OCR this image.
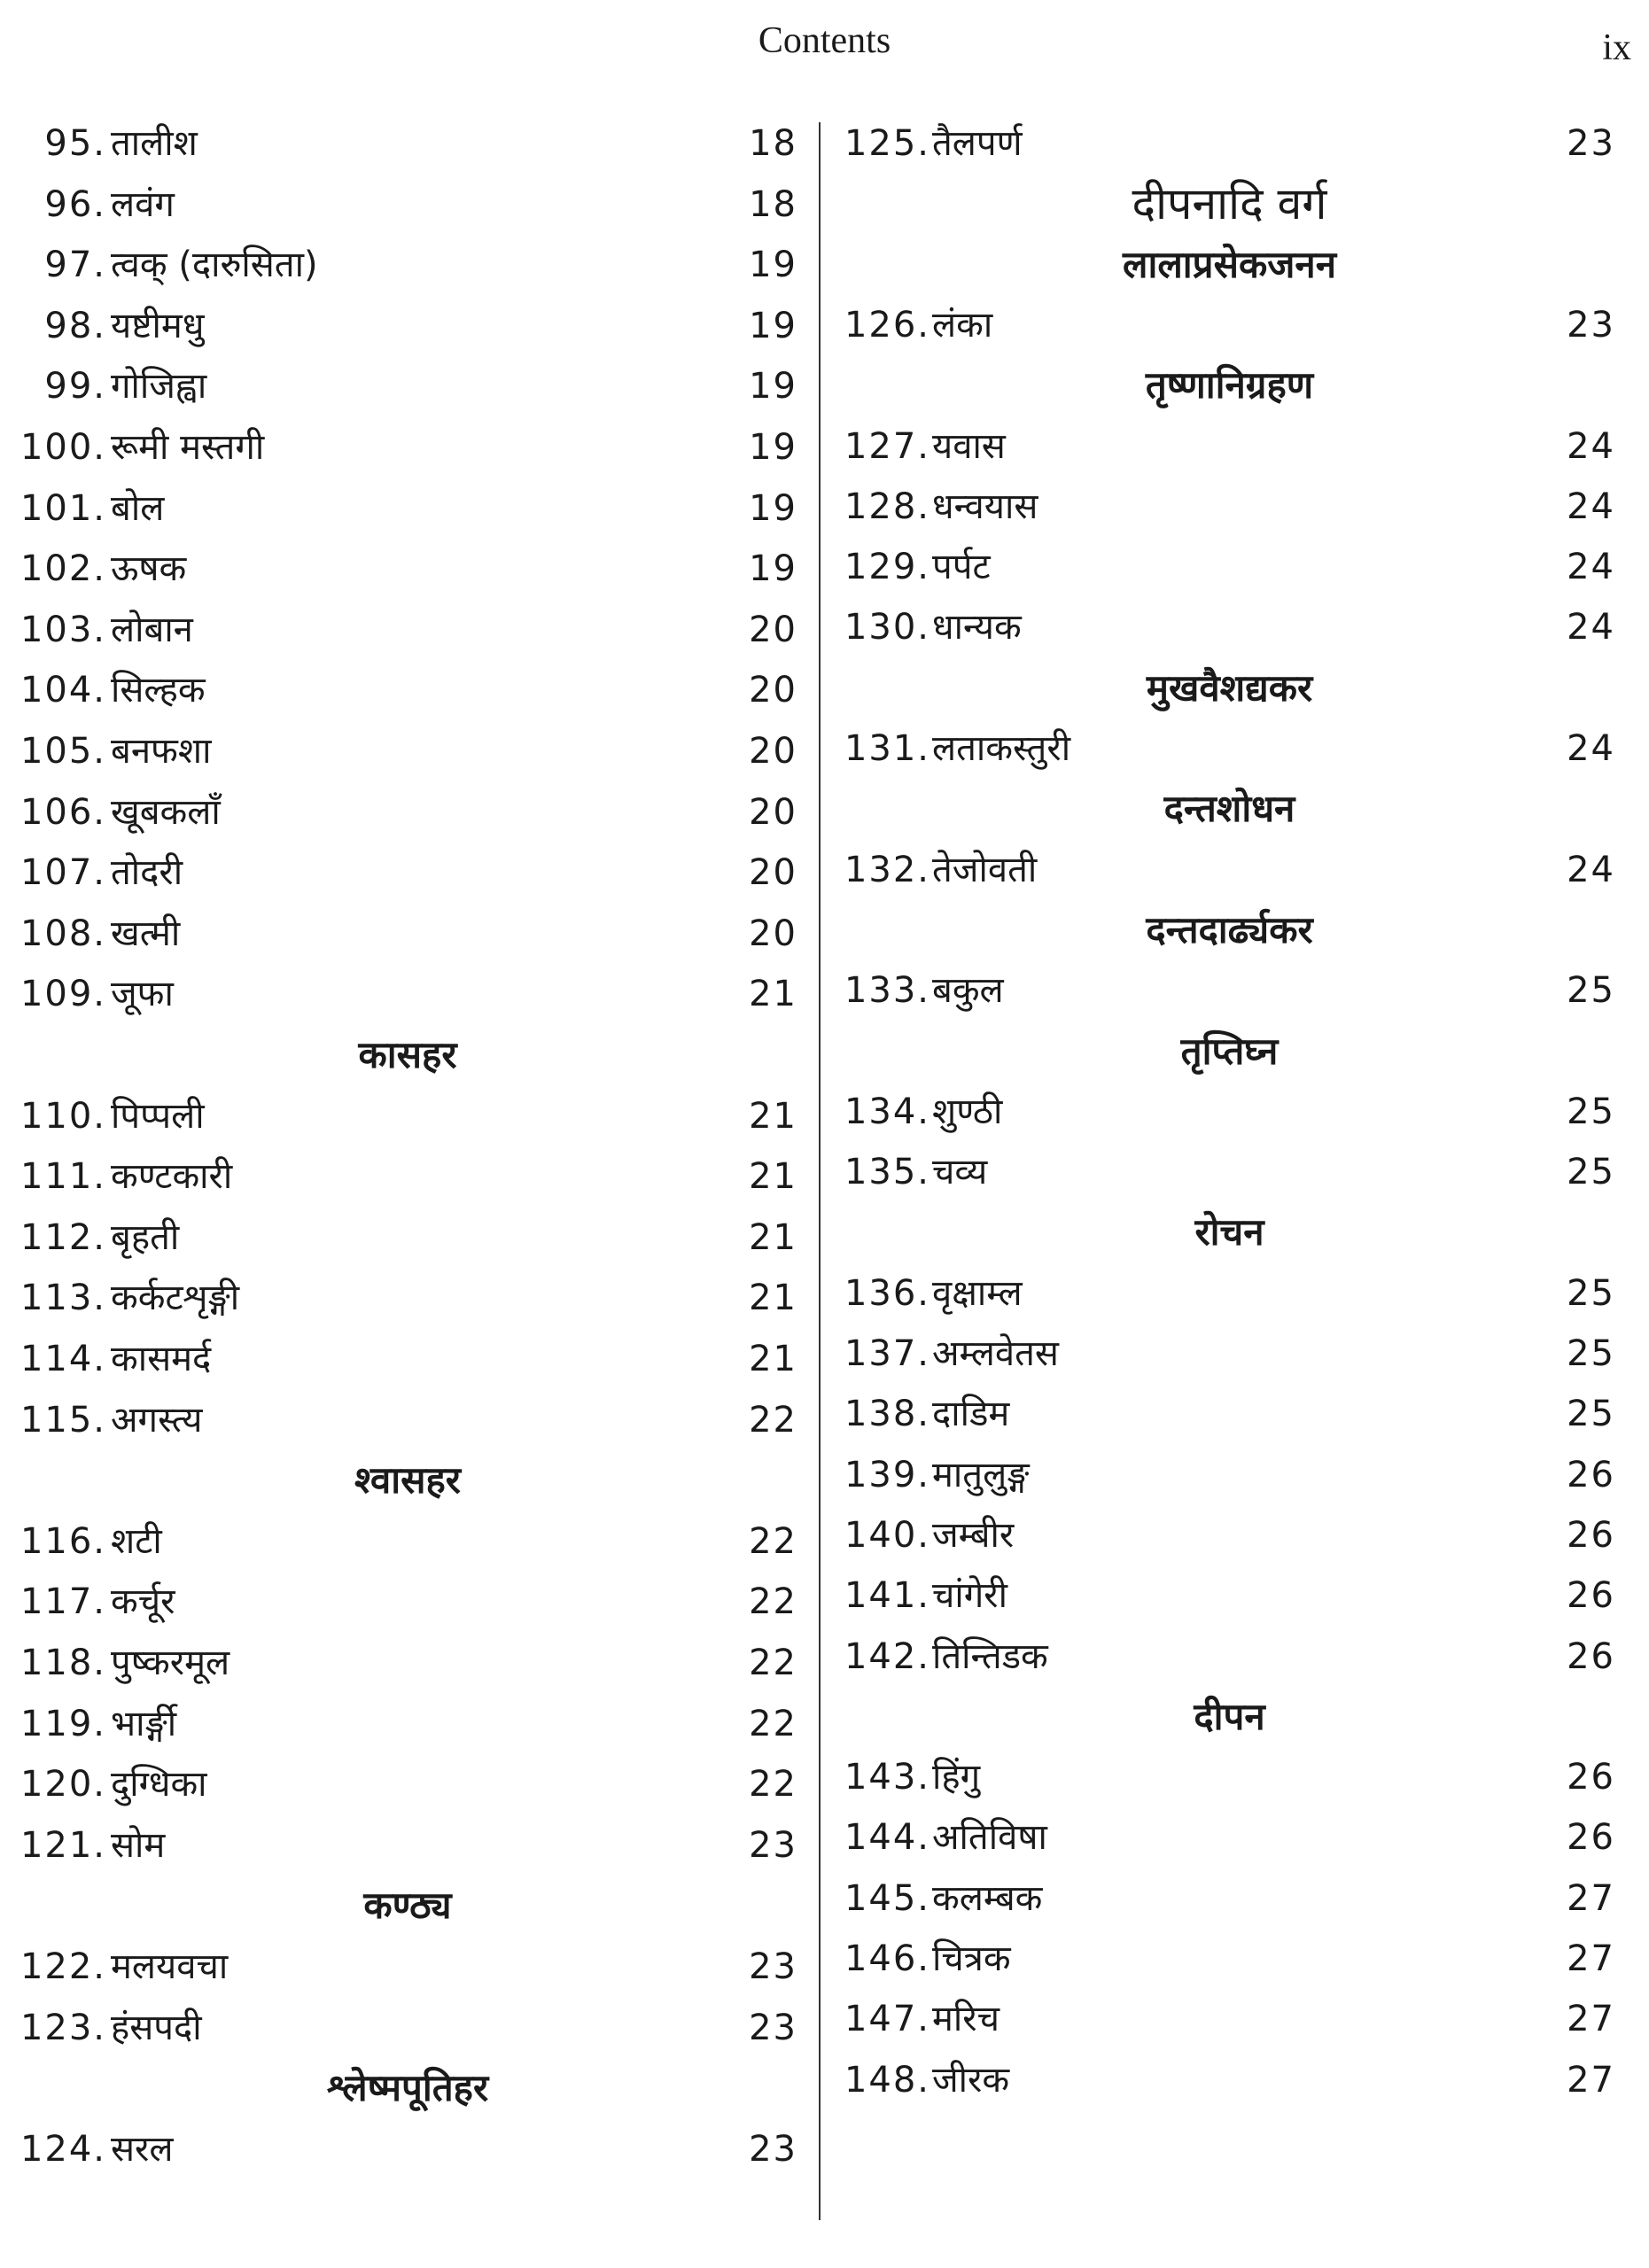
Contents	ix
95. तालीश	18
96. लवंग	18
97. त्वक् (दारुसिता)	19
98. यष्टीमधु	19
99. गोजिह्वा	19
100. रूमी मस्तगी	19
101. बोल	19
102. ऊषक	19
103. लोबान	20
104. सिल्हक	20
105. बनफशा	20
106. खूबकलाँ	20
107. तोदरी	20
108. खत्मी	20
109. जूफा	21
कासहर
110. पिप्पली	21
111. कण्टकारी	21
112. बृहती	21
113. कर्कटशृङ्गी	21
114. कासमर्द	21
115. अगस्त्य	22
श्वासहर
116. शटी	22
117. कर्चूर	22
118. पुष्करमूल	22
119. भार्ङ्गी	22
120. दुग्धिका	22
121. सोम	23
कण्ठ्य
122. मलयवचा	23
123. हंसपदी	23
श्लेष्मपूतिहर
124. सरल	23
125. तैलपर्ण	23
दीपनादि वर्ग
लालाप्रसेकजनन
126. लंका	23
तृष्णानिग्रहण
127. यवास	24
128. धन्वयास	24
129. पर्पट	24
130. धान्यक	24
मुखवैशद्यकर
131. लताकस्तुरी	24
दन्तशोधन
132. तेजोवती	24
दन्तदार्ढ्यकर
133. बकुल	25
तृप्तिघ्न
134. शुण्ठी	25
135. चव्य	25
रोचन
136. वृक्षाम्ल	25
137. अम्लवेतस	25
138. दाडिम	25
139. मातुलुङ्ग	26
140. जम्बीर	26
141. चांगेरी	26
142. तिन्तिडक	26
दीपन
143. हिंगु	26
144. अतिविषा	26
145. कलम्बक	27
146. चित्रक	27
147. मरिच	27
148. जीरक	27
